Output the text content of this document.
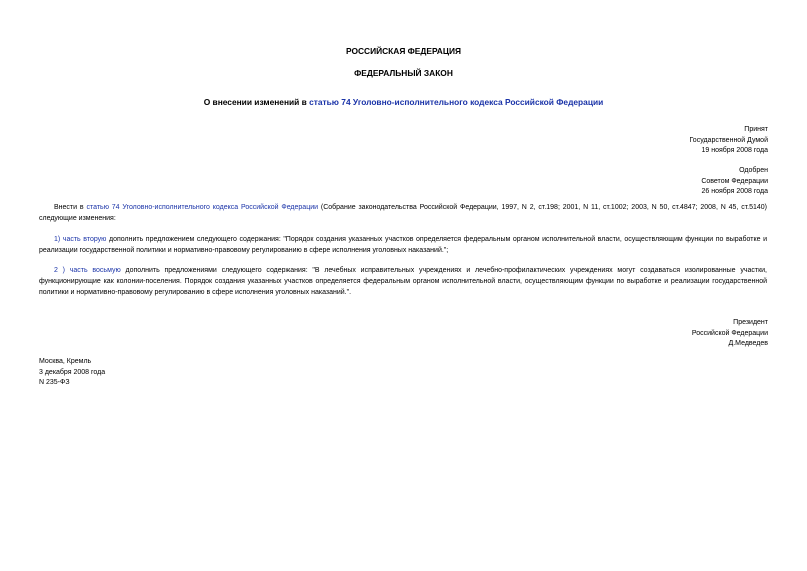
РОССИЙСКАЯ ФЕДЕРАЦИЯ

ФЕДЕРАЛЬНЫЙ ЗАКОН

О внесении изменений в статью 74 Уголовно-исполнительного кодекса Российской Федерации

Принят
Государственной Думой
19 ноября 2008 года
Одобрен
Советом Федерации
26 ноября 2008 года

Внести в статью 74 Уголовно-исполнительного кодекса Российской Федерации (Собрание законодательства Российской Федерации, 1997, N 2, ст.198; 2001, N 11, ст.1002; 2003, N 50, ст.4847; 2008, N 45, ст.5140) следующие изменения:

1) часть вторую дополнить предложением следующего содержания: "Порядок создания указанных участков определяется федеральным органом исполнительной власти, осуществляющим функции по выработке и реализации государственной политики и нормативно-правовому регулированию в сфере исполнения уголовных наказаний.";

2 ) часть восьмую дополнить предложениями следующего содержания: "В лечебных исправительных учреждениях и лечебно-профилактических учреждениях могут создаваться изолированные участки, функционирующие как колонии-поселения. Порядок создания указанных участков определяется федеральным органом исполнительной власти, осуществляющим функции по выработке и реализации государственной политики и нормативно-правовому регулированию в сфере исполнения уголовных наказаний.".

Президент
Российской Федерации
Д.Медведев
Москва, Кремль
3 декабря 2008 года
N 235-ФЗ
